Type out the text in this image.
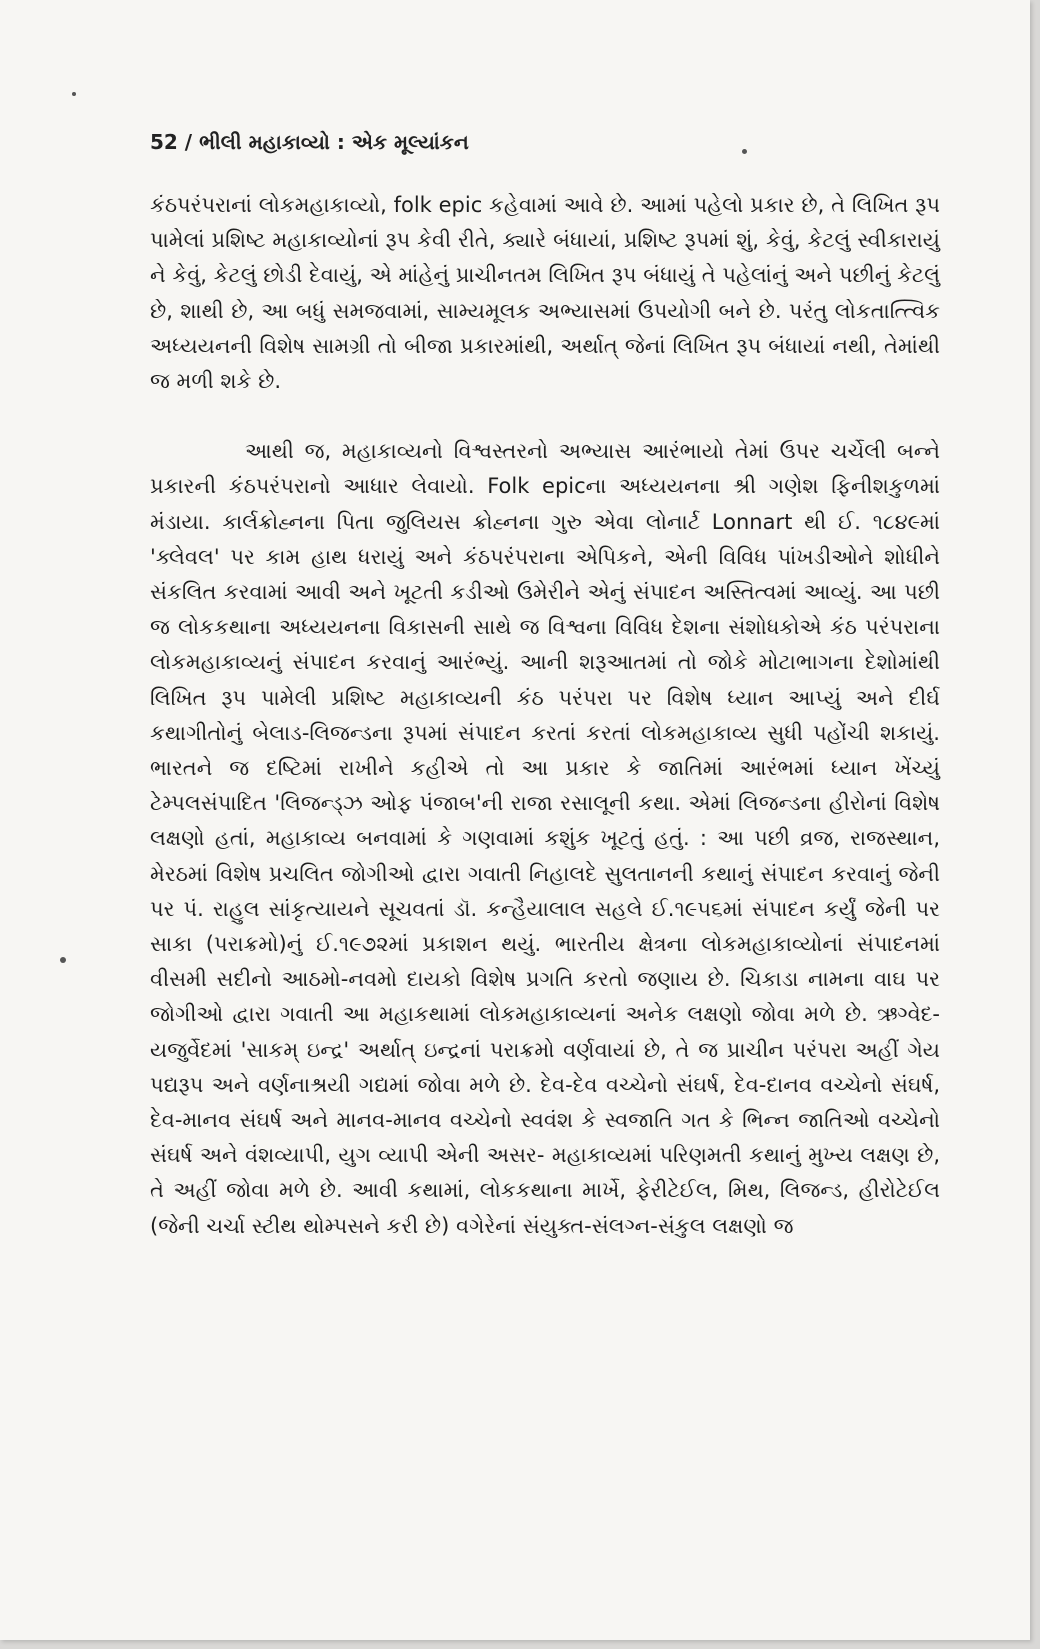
52 / ભીલી મહાકાવ્યો : એક મૂલ્યાંકન

કંઠપરંપરાનાં લોકમહાકાવ્યો, folk epic કહેવામાં આવે છે. આમાં પહેલો પ્રકાર છે, તે લિખિત રૂપ પામેલાં પ્રશિષ્ટ મહાકાવ્યોનાં રૂપ કેવી રીતે, ક્યારે બંધાયાં, પ્રશિષ્ટ રૂપમાં શું, કેવું, કેટલું સ્વીકારાયું ને કેવું, કેટલું છોડી દેવાયું, એ માંહેનું પ્રાચીનતમ લિખિત રૂપ બંધાયું તે પહેલાંનું અને પછીનું કેટલું છે, શાથી છે, આ બધું સમજવામાં, સામ્યમૂલક અભ્યાસમાં ઉપયોગી બને છે. પરંતુ લોકતાત્ત્વિક અધ્યયનની વિશેષ સામગ્રી તો બીજા પ્રકારમાંથી, અર્થાત્ જેનાં લિખિત રૂપ બંધાયાં નથી, તેમાંથી જ મળી શકે છે.

આથી જ, મહાકાવ્યનો વિશ્વસ્તરનો અભ્યાસ આરંભાયો તેમાં ઉપર ચર્ચેલી બન્ને પ્રકારની કંઠપરંપરાનો આધાર લેવાયો. Folk epicના અધ્યયનના શ્રી ગણેશ ફિનીશકુળમાં મંડાયા. કાર્લક્રોહ્નના પિતા જુલિયસ ક્રોહ્નના ગુરુ એવા લોનાર્ટ Lonnart થી ઈ. ૧૮૪૯માં 'ક્લેવલ' પર કામ હાથ ધરાયું અને કંઠપરંપરાના એપિકને, એની વિવિધ પાંખડીઓને શોધીને સંકલિત કરવામાં આવી અને ખૂટતી કડીઓ ઉમેરીને એનું સંપાદન અસ્તિત્વમાં આવ્યું. આ પછી જ લોકકથાના અધ્યયનના વિકાસની સાથે જ વિશ્વના વિવિધ દેશના સંશોધકોએ કંઠ પરંપરાના લોકમહાકાવ્યનું સંપાદન કરવાનું આરંભ્યું. આની શરૂઆતમાં તો જોકે મોટાભાગના દેશોમાંથી લિખિત રૂપ પામેલી પ્રશિષ્ટ મહાકાવ્યની કંઠ પરંપરા પર વિશેષ ધ્યાન આપ્યું અને દીર્ઘ કથાગીતોનું બેલાડ-લિજન્ડના રૂપમાં સંપાદન કરતાં કરતાં લોકમહાકાવ્ય સુધી પહોંચી શકાયું. ભારતને જ દષ્ટિમાં રાખીને કહીએ તો આ પ્રકાર કે જાતિમાં આરંભમાં ધ્યાન ખેંચ્યું ટેમ્પલસંપાદિત 'લિજન્ડ્ઝ ઓફ પંજાબ'ની રાજા રસાલૂની કથા. એમાં લિજન્ડના હીરોનાં વિશેષ લક્ષણો હતાં, મહાકાવ્ય બનવામાં કે ગણવામાં કશુંક ખૂટતું હતું. : આ પછી વ્રજ, રાજસ્થાન, મેરઠમાં વિશેષ પ્રચલિત જોગીઓ દ્વારા ગવાતી નિહાલદે સુલતાનની કથાનું સંપાદન કરવાનું જેની પર પં. રાહુલ સાંકૃત્યાયને સૂચવતાં ડૉ. કન્હૈયાલાલ સહલે ઈ.૧૯૫૬માં સંપાદન કર્યું જેની પર સાકા (પરાક્રમો)નું ઈ.૧૯૭૨માં પ્રકાશન થયું. ભારતીય ક્ષેત્રના લોકમહાકાવ્યોનાં સંપાદનમાં વીસમી સદીનો આઠમો-નવમો દાયકો વિશેષ પ્રગતિ કરતો જણાય છે. ચિકાડા નામના વાઘ પર જોગીઓ દ્વારા ગવાતી આ મહાકથામાં લોકમહાકાવ્યનાં અનેક લક્ષણો જોવા મળે છે. ઋગ્વેદ-યજુર્વેદમાં 'સાકમ્ ઇન્દ્ર' અર્થાત્ ઇન્દ્રનાં પરાક્રમો વર્ણવાયાં છે, તે જ પ્રાચીન પરંપરા અહીં ગેય પદ્યરૂપ અને વર્ણનાશ્રયી ગદ્યમાં જોવા મળે છે. દેવ-દેવ વચ્ચેનો સંઘર્ષ, દેવ-દાનવ વચ્ચેનો સંઘર્ષ, દેવ-માનવ સંઘર્ષ અને માનવ-માનવ વચ્ચેનો સ્વવંશ કે સ્વજાતિ ગત કે ભિન્ન જાતિઓ વચ્ચેનો સંઘર્ષ અને વંશવ્યાપી, યુગ વ્યાપી એની અસર- મહાકાવ્યમાં પરિણમતી કથાનું મુખ્ય લક્ષણ છે, તે અહીં જોવા મળે છે. આવી કથામાં, લોકકથાના માર્ખે, ફેરીટેઈલ, મિથ, લિજન્ડ, હીરોટેઈલ (જેની ચર્ચા સ્ટીથ થોમ્પસને કરી છે) વગેરેનાં સંયુક્ત-સંલગ્ન-સંકુલ લક્ષણો જ
